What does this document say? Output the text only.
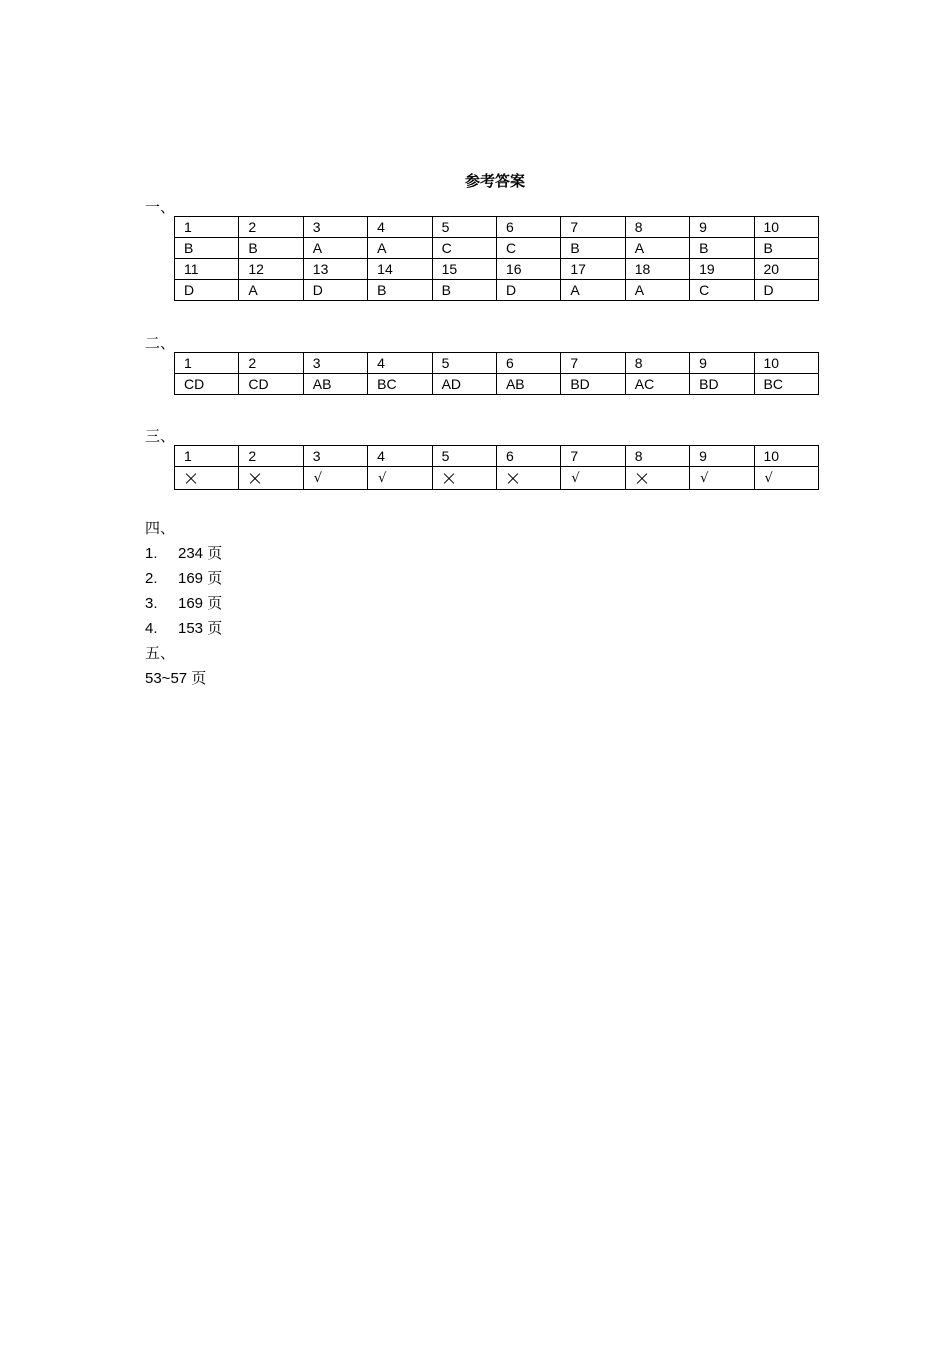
参考答案
一、
1	2	3	4	5	6	7	8	9	10
B	B	A	A	C	C	B	A	B	B
11	12	13	14	15	16	17	18	19	20
D	A	D	B	B	D	A	A	C	D
二、
1	2	3	4	5	6	7	8	9	10
CD	CD	AB	BC	AD	AB	BD	AC	BD	BC
三、
1	2	3	4	5	6	7	8	9	10
		√	√			√		√	√
四、
1. 234 页
2. 169 页
3. 169 页
4. 153 页
五、
53~57 页
